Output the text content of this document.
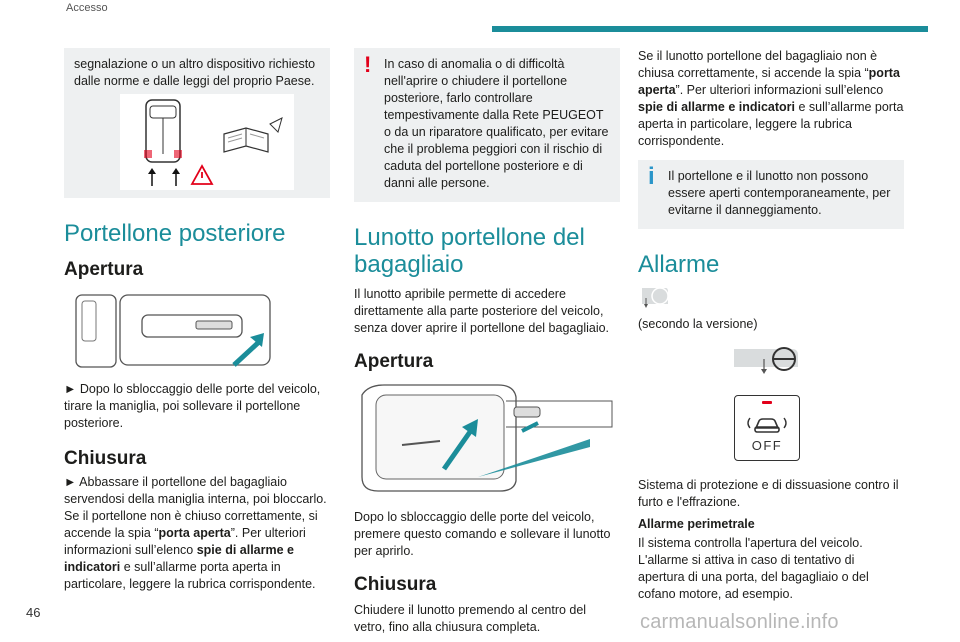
Accesso

segnalazione o un altro dispositivo richiesto dalle norme e dalle leggi del proprio Paese.

Portellone posteriore
Apertura

► Dopo lo sbloccaggio delle porte del veicolo, tirare la maniglia, poi sollevare il portellone posteriore.

Chiusura

► Abbassare il portellone del bagagliaio servendosi della maniglia interna, poi bloccarlo.

Se il portellone non è chiuso correttamente, si accende la spia “porta aperta”. Per ulteriori informazioni sull’elenco spie di allarme e indicatori e sull’allarme porta aperta in particolare, leggere la rubrica corrispondente.

! In caso di anomalia o di difficoltà nell'aprire o chiudere il portellone posteriore, farlo controllare tempestivamente dalla Rete PEUGEOT o da un riparatore qualificato, per evitare che il problema peggiori con il rischio di caduta del portellone posteriore e di danni alle persone.

Lunotto portellone del bagagliaio

Il lunotto apribile permette di accedere direttamente alla parte posteriore del veicolo, senza dover aprire il portellone del bagagliaio.

Apertura

Dopo lo sbloccaggio delle porte del veicolo, premere questo comando e sollevare il lunotto per aprirlo.

Chiusura

Chiudere il lunotto premendo al centro del vetro, fino alla chiusura completa.

Se il lunotto portellone del bagagliaio non è chiusa correttamente, si accende la spia “porta aperta”. Per ulteriori informazioni sull’elenco spie di allarme e indicatori e sull’allarme porta aperta in particolare, leggere la rubrica corrispondente.

i Il portellone e il lunotto non possono essere aperti contemporaneamente, per evitarne il danneggiamento.

Allarme

(secondo la versione)

OFF

Sistema di protezione e di dissuasione contro il furto e l'effrazione.

Allarme perimetrale

Il sistema controlla l'apertura del veicolo. L'allarme si attiva in caso di tentativo di apertura di una porta, del bagagliaio o del cofano motore, ad esempio.

46	carmanualsonline.info
